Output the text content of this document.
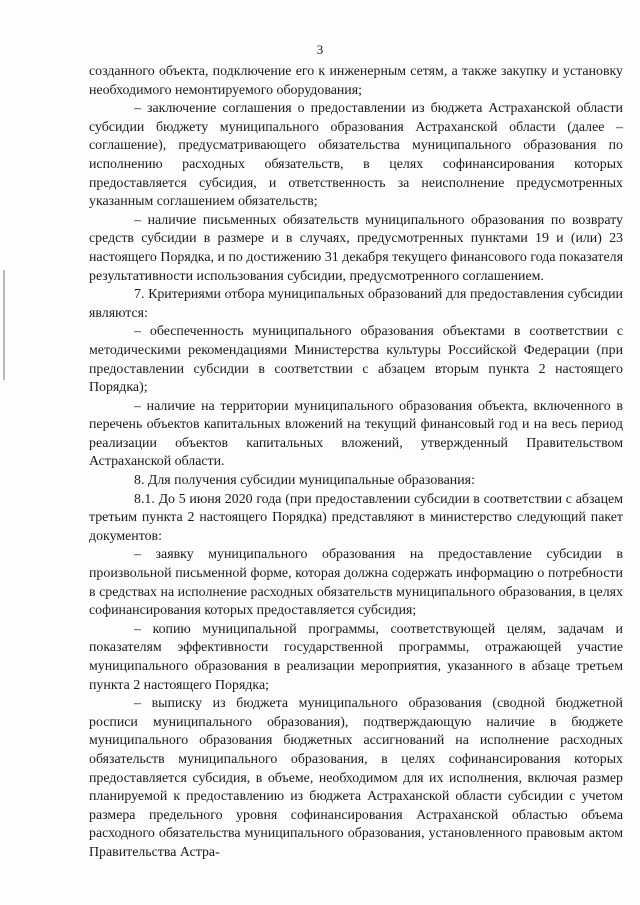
3

созданного объекта, подключение его к инженерным сетям, а также закупку и установку необходимого немонтируемого оборудования;

– заключение соглашения о предоставлении из бюджета Астраханской области субсидии бюджету муниципального образования Астраханской области (далее – соглашение), предусматривающего обязательства муниципального образования по исполнению расходных обязательств, в целях софинансирования которых предоставляется субсидия, и ответственность за неисполнение предусмотренных указанным соглашением обязательств;

– наличие письменных обязательств муниципального образования по возврату средств субсидии в размере и в случаях, предусмотренных пунктами 19 и (или) 23 настоящего Порядка, и по достижению 31 декабря текущего финансового года показателя результативности использования субсидии, предусмотренного соглашением.

7. Критериями отбора муниципальных образований для предоставления субсидии являются:

– обеспеченность муниципального образования объектами в соответствии с методическими рекомендациями Министерства культуры Российской Федерации (при предоставлении субсидии в соответствии с абзацем вторым пункта 2 настоящего Порядка);

– наличие на территории муниципального образования объекта, включенного в перечень объектов капитальных вложений на текущий финансовый год и на весь период реализации объектов капитальных вложений, утвержденный Правительством Астраханской области.

8. Для получения субсидии муниципальные образования:

8.1. До 5 июня 2020 года (при предоставлении субсидии в соответствии с абзацем третьим пункта 2 настоящего Порядка) представляют в министерство следующий пакет документов:

– заявку муниципального образования на предоставление субсидии в произвольной письменной форме, которая должна содержать информацию о потребности в средствах на исполнение расходных обязательств муниципального образования, в целях софинансирования которых предоставляется субсидия;

– копию муниципальной программы, соответствующей целям, задачам и показателям эффективности государственной программы, отражающей участие муниципального образования в реализации мероприятия, указанного в абзаце третьем пункта 2 настоящего Порядка;

– выписку из бюджета муниципального образования (сводной бюджетной росписи муниципального образования), подтверждающую наличие в бюджете муниципального образования бюджетных ассигнований на исполнение расходных обязательств муниципального образования, в целях софинансирования которых предоставляется субсидия, в объеме, необходимом для их исполнения, включая размер планируемой к предоставлению из бюджета Астраханской области субсидии с учетом размера предельного уровня софинансирования Астраханской областью объема расходного обязательства муниципального образования, установленного правовым актом Правительства Астра-
